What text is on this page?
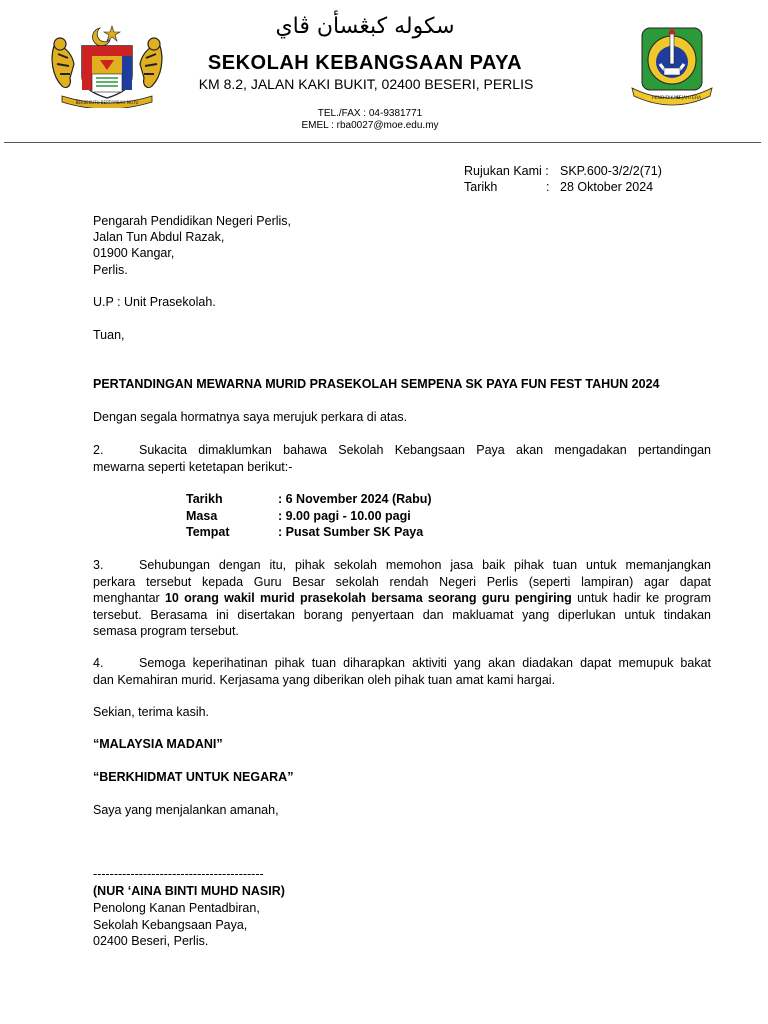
BERSEKUTU BERTAMBAH MUTU
سكوله كبڠسأن ڤاي
SEKOLAH KEBANGSAAN PAYA
KM 8.2, JALAN KAKI BUKIT, 02400 BESERI, PERLIS
TEL./FAX : 04-9381771
EMEL : rba0027@moe.edu.my
PENDIDIKAN
SEJAHTERA
Rujukan Kami : SKP.600-3/2/2(71)
Tarikh	: 28 Oktober 2024
Pengarah Pendidikan Negeri Perlis,
Jalan Tun Abdul Razak,
01900 Kangar,
Perlis.
U.P : Unit Prasekolah.
Tuan,
PERTANDINGAN MEWARNA MURID PRASEKOLAH SEMPENA SK PAYA FUN FEST TAHUN 2024
Dengan segala hormatnya saya merujuk perkara di atas.
2.	Sukacita dimaklumkan bahawa Sekolah Kebangsaan Paya akan mengadakan pertandingan
mewarna seperti ketetapan berikut:-
Tarikh	: 6 November 2024 (Rabu)
Masa	: 9.00 pagi - 10.00 pagi
Tempat	: Pusat Sumber SK Paya
3.	Sehubungan dengan itu, pihak sekolah memohon jasa baik pihak tuan untuk memanjangkan
perkara tersebut kepada Guru Besar sekolah rendah Negeri Perlis (seperti lampiran) agar dapat
menghantar 10 orang wakil murid prasekolah bersama seorang guru pengiring untuk hadir ke program
tersebut. Berasama ini disertakan borang penyertaan dan makluamat yang diperlukan untuk tindakan
semasa program tersebut.
4.	Semoga keperihatinan pihak tuan diharapkan aktiviti yang akan diadakan dapat memupuk bakat
dan Kemahiran murid. Kerjasama yang diberikan oleh pihak tuan amat kami hargai.
Sekian, terima kasih.
“MALAYSIA MADANI”
“BERKHIDMAT UNTUK NEGARA”
Saya yang menjalankan amanah,
-----------------------------------------
(NUR ‘AINA BINTI MUHD NASIR)
Penolong Kanan Pentadbiran,
Sekolah Kebangsaan Paya,
02400 Beseri, Perlis.
